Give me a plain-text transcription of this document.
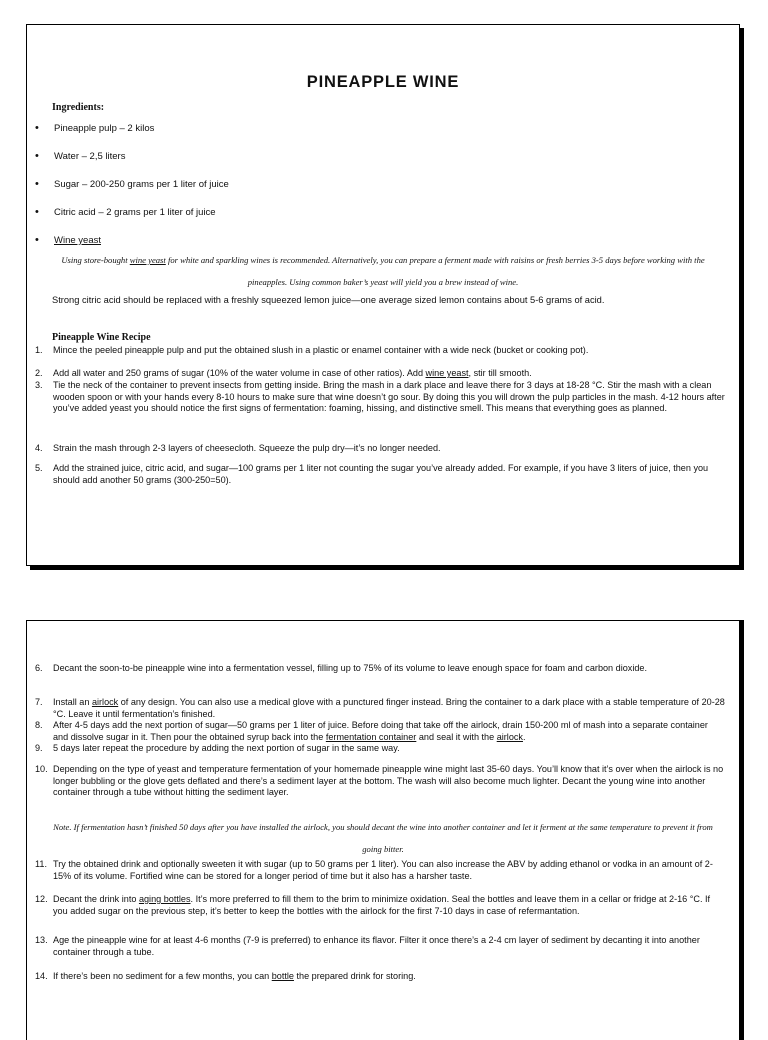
PINEAPPLE WINE
Ingredients:
• Pineapple pulp – 2 kilos
• Water – 2,5 liters
• Sugar – 200-250 grams per 1 liter of juice
• Citric acid – 2 grams per 1 liter of juice
• Wine yeast
Using store-bought wine yeast for white and sparkling wines is recommended. Alternatively, you can prepare a ferment made with raisins or fresh berries 3-5 days before working with the pineapples. Using common baker’s yeast will yield you a brew instead of wine.
Strong citric acid should be replaced with a freshly squeezed lemon juice—one average sized lemon contains about 5-6 grams of acid.
Pineapple Wine Recipe
1. Mince the peeled pineapple pulp and put the obtained slush in a plastic or enamel container with a wide neck (bucket or cooking pot).
2. Add all water and 250 grams of sugar (10% of the water volume in case of other ratios). Add wine yeast, stir till smooth.
3. Tie the neck of the container to prevent insects from getting inside. Bring the mash in a dark place and leave there for 3 days at 18-28 °C. Stir the mash with a clean wooden spoon or with your hands every 8-10 hours to make sure that wine doesn’t go sour. By doing this you will drown the pulp particles in the mash. 4-12 hours after you’ve added yeast you should notice the first signs of fermentation: foaming, hissing, and distinctive smell. This means that everything goes as planned.
4. Strain the mash through 2-3 layers of cheesecloth. Squeeze the pulp dry—it’s no longer needed.
5. Add the strained juice, citric acid, and sugar—100 grams per 1 liter not counting the sugar you’ve already added. For example, if you have 3 liters of juice, then you should add another 50 grams (300-250=50).
6. Decant the soon-to-be pineapple wine into a fermentation vessel, filling up to 75% of its volume to leave enough space for foam and carbon dioxide.
7. Install an airlock of any design. You can also use a medical glove with a punctured finger instead. Bring the container to a dark place with a stable temperature of 20-28 °C. Leave it until fermentation’s finished.
8. After 4-5 days add the next portion of sugar—50 grams per 1 liter of juice. Before doing that take off the airlock, drain 150-200 ml of mash into a separate container and dissolve sugar in it. Then pour the obtained syrup back into the fermentation container and seal it with the airlock.
9. 5 days later repeat the procedure by adding the next portion of sugar in the same way.
10. Depending on the type of yeast and temperature fermentation of your homemade pineapple wine might last 35-60 days. You’ll know that it’s over when the airlock is no longer bubbling or the glove gets deflated and there’s a sediment layer at the bottom. The wash will also become much lighter. Decant the young wine into another container through a tube without hitting the sediment layer.
Note. If fermentation hasn’t finished 50 days after you have installed the airlock, you should decant the wine into another container and let it ferment at the same temperature to prevent it from going bitter.
11. Try the obtained drink and optionally sweeten it with sugar (up to 50 grams per 1 liter). You can also increase the ABV by adding ethanol or vodka in an amount of 2-15% of its volume. Fortified wine can be stored for a longer period of time but it also has a harsher taste.
12. Decant the drink into aging bottles. It’s more preferred to fill them to the brim to minimize oxidation. Seal the bottles and leave them in a cellar or fridge at 2-16 °C. If you added sugar on the previous step, it’s better to keep the bottles with the airlock for the first 7-10 days in case of refermantation.
13. Age the pineapple wine for at least 4-6 months (7-9 is preferred) to enhance its flavor. Filter it once there’s a 2-4 cm layer of sediment by decanting it into another container through a tube.
14. If there’s been no sediment for a few months, you can bottle the prepared drink for storing.
